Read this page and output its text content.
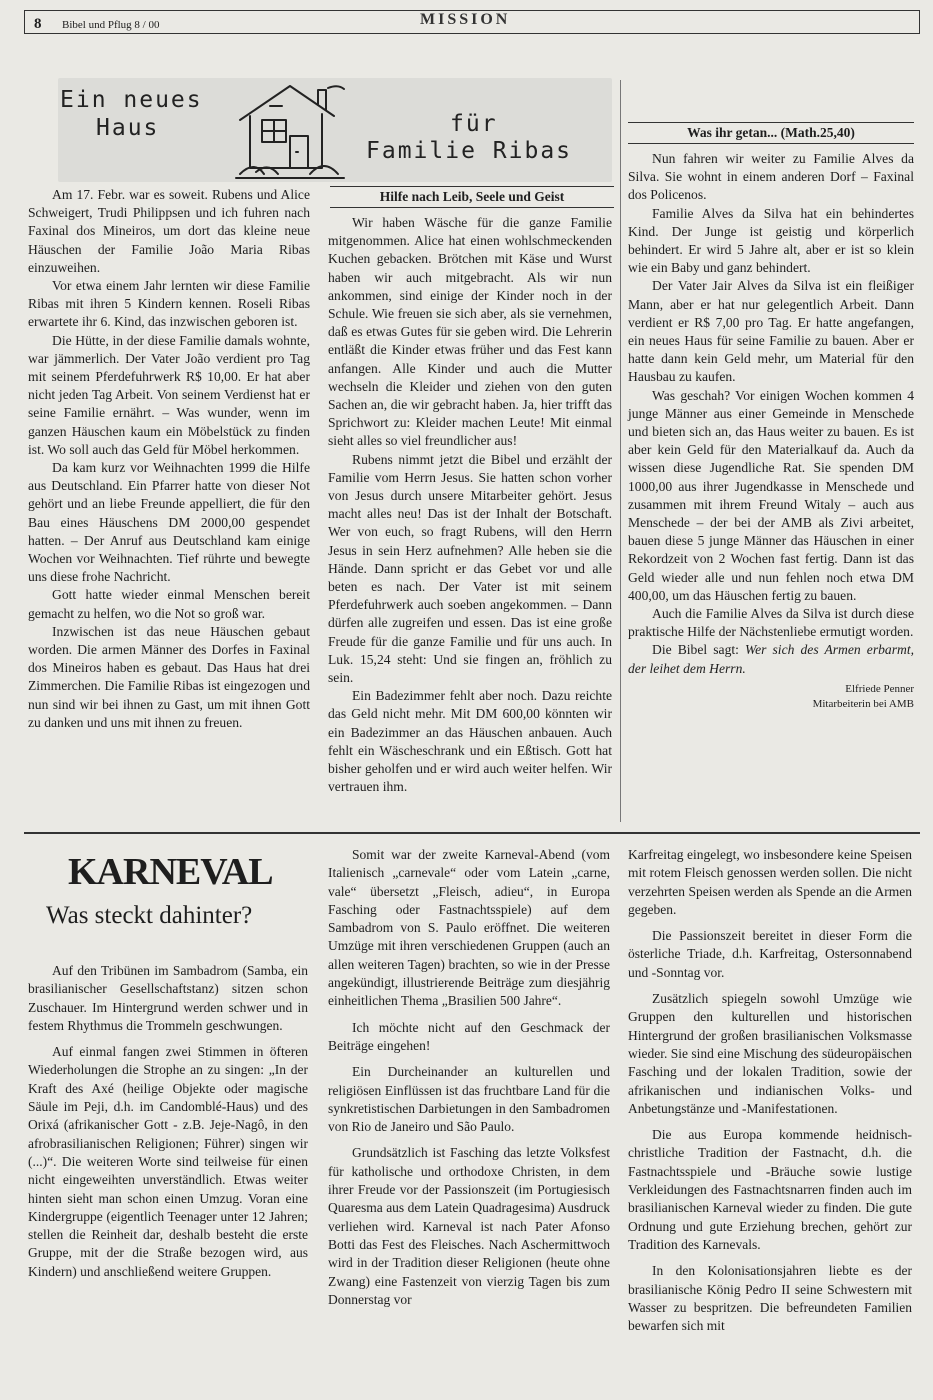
8 Bibel und Pflug 8 / 00	MISSION
Ein neues
Haus	für
Familie Ribas
Hilfe nach Leib, Seele und Geist

Am 17. Febr. war es soweit. Rubens und Alice Schweigert, Trudi Philippsen und ich fuhren nach Faxinal dos Mineiros, um dort das kleine neue Häuschen der Familie João Maria Ribas einzuweihen.

Vor etwa einem Jahr lernten wir diese Familie Ribas mit ihren 5 Kindern kennen. Roseli Ribas erwartete ihr 6. Kind, das inzwischen geboren ist.

Die Hütte, in der diese Familie damals wohnte, war jämmerlich. Der Vater João verdient pro Tag mit seinem Pferdefuhrwerk R$ 10,00. Er hat aber nicht jeden Tag Arbeit. Von seinem Verdienst hat er seine Familie ernährt. – Was wunder, wenn im ganzen Häuschen kaum ein Möbelstück zu finden ist. Wo soll auch das Geld für Möbel herkommen.

Da kam kurz vor Weihnachten 1999 die Hilfe aus Deutschland. Ein Pfarrer hatte von dieser Not gehört und an liebe Freunde appelliert, die für den Bau eines Häuschens DM 2000,00 gespendet hatten. – Der Anruf aus Deutschland kam einige Wochen vor Weihnachten. Tief rührte und bewegte uns diese frohe Nachricht.

Gott hatte wieder einmal Menschen bereit gemacht zu helfen, wo die Not so groß war.

Inzwischen ist das neue Häuschen gebaut worden. Die armen Männer des Dorfes in Faxinal dos Mineiros haben es gebaut. Das Haus hat drei Zimmerchen. Die Familie Ribas ist eingezogen und nun sind wir bei ihnen zu Gast, um mit ihnen Gott zu danken und uns mit ihnen zu freuen.

Wir haben Wäsche für die ganze Familie mitgenommen. Alice hat einen wohlschmeckenden Kuchen gebacken. Brötchen mit Käse und Wurst haben wir auch mitgebracht. Als wir nun ankommen, sind einige der Kinder noch in der Schule. Wie freuen sie sich aber, als sie vernehmen, daß es etwas Gutes für sie geben wird. Die Lehrerin entläßt die Kinder etwas früher und das Fest kann anfangen. Alle Kinder und auch die Mutter wechseln die Kleider und ziehen von den guten Sachen an, die wir gebracht haben. Ja, hier trifft das Sprichwort zu: Kleider machen Leute! Mit einmal sieht alles so viel freundlicher aus!

Rubens nimmt jetzt die Bibel und erzählt der Familie vom Herrn Jesus. Sie hatten schon vorher von Jesus durch unsere Mitarbeiter gehört. Jesus macht alles neu! Das ist der Inhalt der Botschaft. Wer von euch, so fragt Rubens, will den Herrn Jesus in sein Herz aufnehmen? Alle heben sie die Hände. Dann spricht er das Gebet vor und alle beten es nach. Der Vater ist mit seinem Pferdefuhrwerk auch soeben angekommen. – Dann dürfen alle zugreifen und essen. Das ist eine große Freude für die ganze Familie und für uns auch. In Luk. 15,24 steht: Und sie fingen an, fröhlich zu sein.

Ein Badezimmer fehlt aber noch. Dazu reichte das Geld nicht mehr. Mit DM 600,00 könnten wir ein Badezimmer an das Häuschen anbauen. Auch fehlt ein Wäscheschrank und ein Eßtisch. Gott hat bisher geholfen und er wird auch weiter helfen. Wir vertrauen ihm.

Was ihr getan... (Math.25,40)

Nun fahren wir weiter zu Familie Alves da Silva. Sie wohnt in einem anderen Dorf – Faxinal dos Policenos.

Familie Alves da Silva hat ein behindertes Kind. Der Junge ist geistig und körperlich behindert. Er wird 5 Jahre alt, aber er ist so klein wie ein Baby und ganz behindert.

Der Vater Jair Alves da Silva ist ein fleißiger Mann, aber er hat nur gelegentlich Arbeit. Dann verdient er R$ 7,00 pro Tag. Er hatte angefangen, ein neues Haus für seine Familie zu bauen. Aber er hatte dann kein Geld mehr, um Material für den Hausbau zu kaufen.

Was geschah? Vor einigen Wochen kommen 4 junge Männer aus einer Gemeinde in Menschede und bieten sich an, das Haus weiter zu bauen. Es ist aber kein Geld für den Materialkauf da. Auch da wissen diese Jugendliche Rat. Sie spenden DM 1000,00 aus ihrer Jugendkasse in Menschede und zusammen mit ihrem Freund Witaly – auch aus Menschede – der bei der AMB als Zivi arbeitet, bauen diese 5 junge Männer das Häuschen in einer Rekordzeit von 2 Wochen fast fertig. Dann ist das Geld wieder alle und nun fehlen noch etwa DM 400,00, um das Häuschen fertig zu bauen.

Auch die Familie Alves da Silva ist durch diese praktische Hilfe der Nächstenliebe ermutigt worden.

Die Bibel sagt: Wer sich des Armen erbarmt, der leihet dem Herrn.

Elfriede Penner
Mitarbeiterin bei AMB
KARNEVAL
Was steckt dahinter?

Auf den Tribünen im Sambadrom (Samba, ein brasilianischer Gesellschaftstanz) sitzen schon Zuschauer. Im Hintergrund werden schwer und in festem Rhythmus die Trommeln geschwungen.

Auf einmal fangen zwei Stimmen in öfteren Wiederholungen die Strophe an zu singen: „In der Kraft des Axé (heilige Objekte oder magische Säule im Peji, d.h. im Candomblé-Haus) und des Orixá (afrikanischer Gott - z.B. Jeje-Nagô, in den afrobrasilianischen Religionen; Führer) singen wir (...)“. Die weiteren Worte sind teilweise für einen nicht eingeweihten unverständlich. Etwas weiter hinten sieht man schon einen Umzug. Voran eine Kindergruppe (eigentlich Teenager unter 12 Jahren; stellen die Reinheit dar, deshalb besteht die erste Gruppe, mit der die Straße bezogen wird, aus Kindern) und anschließend weitere Gruppen.

Somit war der zweite Karneval-Abend (vom Italienisch „carnevale“ oder vom Latein „carne, vale“ übersetzt „Fleisch, adieu“, in Europa Fasching oder Fastnachtsspiele) auf dem Sambadrom von S. Paulo eröffnet. Die weiteren Umzüge mit ihren verschiedenen Gruppen (auch an allen weiteren Tagen) brachten, so wie in der Presse angekündigt, illustrierende Beiträge zum diesjährig einheitlichen Thema „Brasilien 500 Jahre“.

Ich möchte nicht auf den Geschmack der Beiträge eingehen!

Ein Durcheinander an kulturellen und religiösen Einflüssen ist das fruchtbare Land für die synkretistischen Darbietungen in den Sambadromen von Rio de Janeiro und São Paulo.

Grundsätzlich ist Fasching das letzte Volksfest für katholische und orthodoxe Christen, in dem ihrer Freude vor der Passionszeit (im Portugiesisch Quaresma aus dem Latein Quadragesima) Ausdruck verliehen wird. Karneval ist nach Pater Afonso Botti das Fest des Fleisches. Nach Aschermittwoch wird in der Tradition dieser Religionen (heute ohne Zwang) eine Fastenzeit von vierzig Tagen bis zum Donnerstag vor

Karfreitag eingelegt, wo insbesondere keine Speisen mit rotem Fleisch genossen werden sollen. Die nicht verzehrten Speisen werden als Spende an die Armen gegeben.

Die Passionszeit bereitet in dieser Form die österliche Triade, d.h. Karfreitag, Ostersonnabend und -Sonntag vor.

Zusätzlich spiegeln sowohl Umzüge wie Gruppen den kulturellen und historischen Hintergrund der großen brasilianischen Volksmasse wieder. Sie sind eine Mischung des südeuropäischen Fasching und der lokalen Tradition, sowie der afrikanischen und indianischen Volks- und Anbetungstänze und -Manifestationen.

Die aus Europa kommende heidnisch-christliche Tradition der Fastnacht, d.h. die Fastnachtsspiele und -Bräuche sowie lustige Verkleidungen des Fastnachtsnarren finden auch im brasilianischen Karneval wieder zu finden. Die gute Ordnung und gute Erziehung brechen, gehört zur Tradition des Karnevals.

In den Kolonisationsjahren liebte es der brasilianische König Pedro II seine Schwestern mit Wasser zu bespritzen. Die befreundeten Familien bewarfen sich mit
